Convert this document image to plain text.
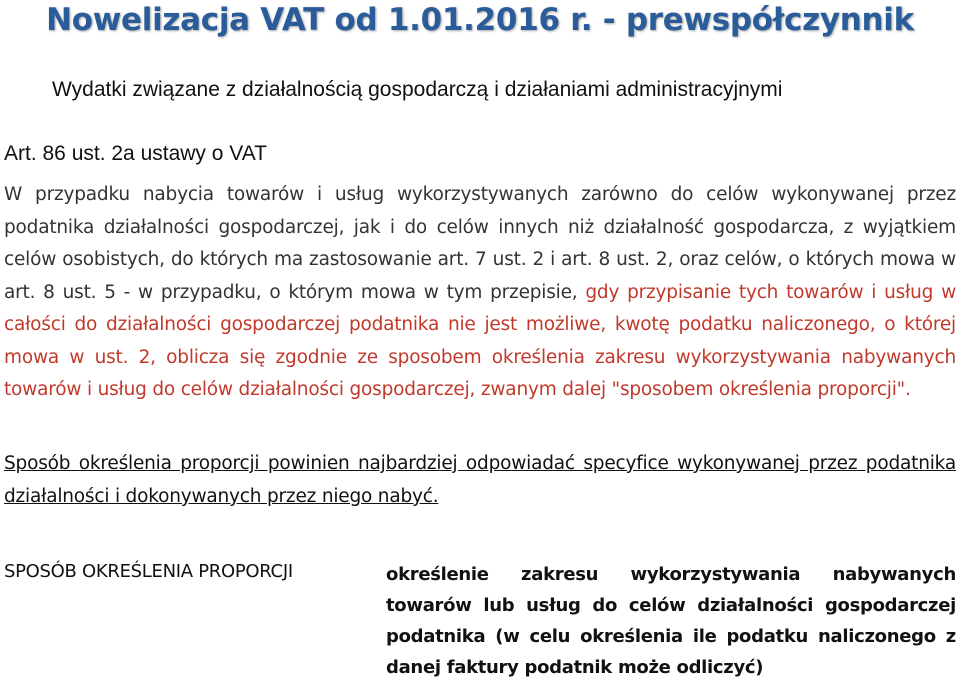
Nowelizacja VAT od 1.01.2016 r. - prewspółczynnik
Wydatki związane z działalnością gospodarczą i działaniami administracyjnymi
Art. 86 ust. 2a ustawy o VAT
W przypadku nabycia towarów i usług wykorzystywanych zarówno do celów wykonywanej przez podatnika działalności gospodarczej, jak i do celów innych niż działalność gospodarcza, z wyjątkiem celów osobistych, do których ma zastosowanie art. 7 ust. 2 i art. 8 ust. 2, oraz celów, o których mowa w art. 8 ust. 5 - w przypadku, o którym mowa w tym przepisie, gdy przypisanie tych towarów i usług w całości do działalności gospodarczej podatnika nie jest możliwe, kwotę podatku naliczonego, o której mowa w ust. 2, oblicza się zgodnie ze sposobem określenia zakresu wykorzystywania nabywanych towarów i usług do celów działalności gospodarczej, zwanym dalej "sposobem określenia proporcji".
Sposób określenia proporcji powinien najbardziej odpowiadać specyfice wykonywanej przez podatnika działalności i dokonywanych przez niego nabyć.
SPOSÓB OKREŚLENIA PROPORCJI	określenie zakresu wykorzystywania nabywanych towarów lub usług do celów działalności gospodarczej podatnika (w celu określenia ile podatku naliczonego z danej faktury podatnik może odliczyć)
